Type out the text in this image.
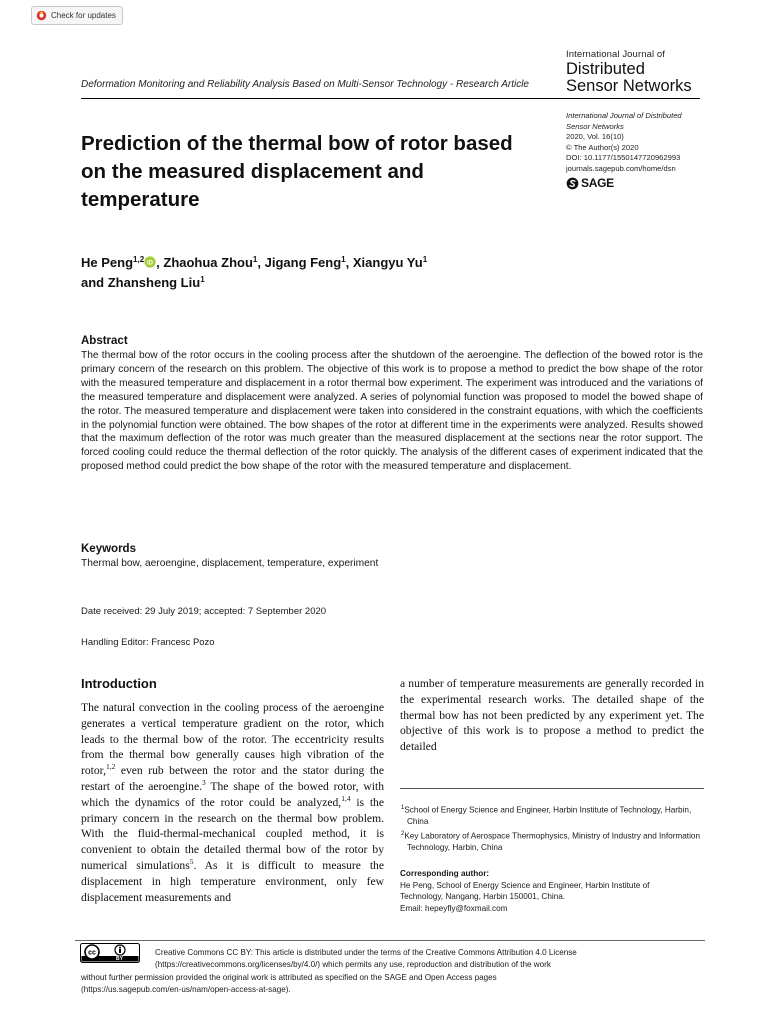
Check for updates
International Journal of
Distributed
Sensor Networks
Deformation Monitoring and Reliability Analysis Based on Multi-Sensor Technology - Research Article
Prediction of the thermal bow of rotor based on the measured displacement and temperature
International Journal of Distributed
Sensor Networks
2020, Vol. 16(10)
© The Author(s) 2020
DOI: 10.1177/1550147720962993
journals.sagepub.com/home/dsn
SAGE
He Peng$^{1,2}$ iD , Zhaohua Zhou$^1$, Jigang Feng$^1$, Xiangyu Yu$^1$
and Zhansheng Liu$^1$
Abstract

The thermal bow of the rotor occurs in the cooling process after the shutdown of the aeroengine. The deflection of the bowed rotor is the primary concern of the research on this problem. The objective of this work is to propose a method to predict the bow shape of the rotor with the measured temperature and displacement in a rotor thermal bow experiment. The experiment was introduced and the variations of the measured temperature and displacement were analyzed. A series of polynomial function was proposed to model the bowed shape of the rotor. The measured temperature and displacement were taken into considered in the constraint equations, with which the coefficients in the polynomial function were obtained. The bow shapes of the rotor at different time in the experiments were analyzed. Results showed that the maximum deflection of the rotor was much greater than the measured displacement at the sections near the rotor support. The forced cooling could reduce the thermal deflection of the rotor quickly. The analysis of the different cases of experiment indicated that the proposed method could predict the bow shape of the rotor with the measured temperature and displacement.

Keywords

Thermal bow, aeroengine, displacement, temperature, experiment

Date received: 29 July 2019; accepted: 7 September 2020
Handling Editor: Francesc Pozo
Introduction

The natural convection in the cooling process of the aeroengine generates a vertical temperature gradient on the rotor, which leads to the thermal bow of the rotor. The eccentricity results from the thermal bow generally causes high vibration of the rotor,$^{1,2}$ even rub between the rotor and the stator during the restart of the aeroengine.$^3$ The shape of the bowed rotor, with which the dynamics of the rotor could be analyzed,$^{1,4}$ is the primary concern in the research on the thermal bow problem. With the fluid-thermal-mechanical coupled method, it is convenient to obtain the detailed thermal bow of the rotor by numerical simulations$^5$. As it is difficult to measure the displacement in high temperature environment, only few displacement measurements and

a number of temperature measurements are generally recorded in the experimental research works. The detailed shape of the thermal bow has not been predicted by any experiment yet. The objective of this work is to propose a method to predict the detailed

$^1$School of Energy Science and Engineer, Harbin Institute of Technology, Harbin, China
$^2$Key Laboratory of Aerospace Thermophysics, Ministry of Industry and Information Technology, Harbin, China
Corresponding author:
He Peng, School of Energy Science and Engineer, Harbin Institute of
Technology, Nangang, Harbin 150001, China.
Email: hepeyfly@foxmail.com
cc
BY
Creative Commons CC BY: This article is distributed under the terms of the Creative Commons Attribution 4.0 License
(https://creativecommons.org/licenses/by/4.0/) which permits any use, reproduction and distribution of the work
without further permission provided the original work is attributed as specified on the SAGE and Open Access pages
(https://us.sagepub.com/en-us/nam/open-access-at-sage).
